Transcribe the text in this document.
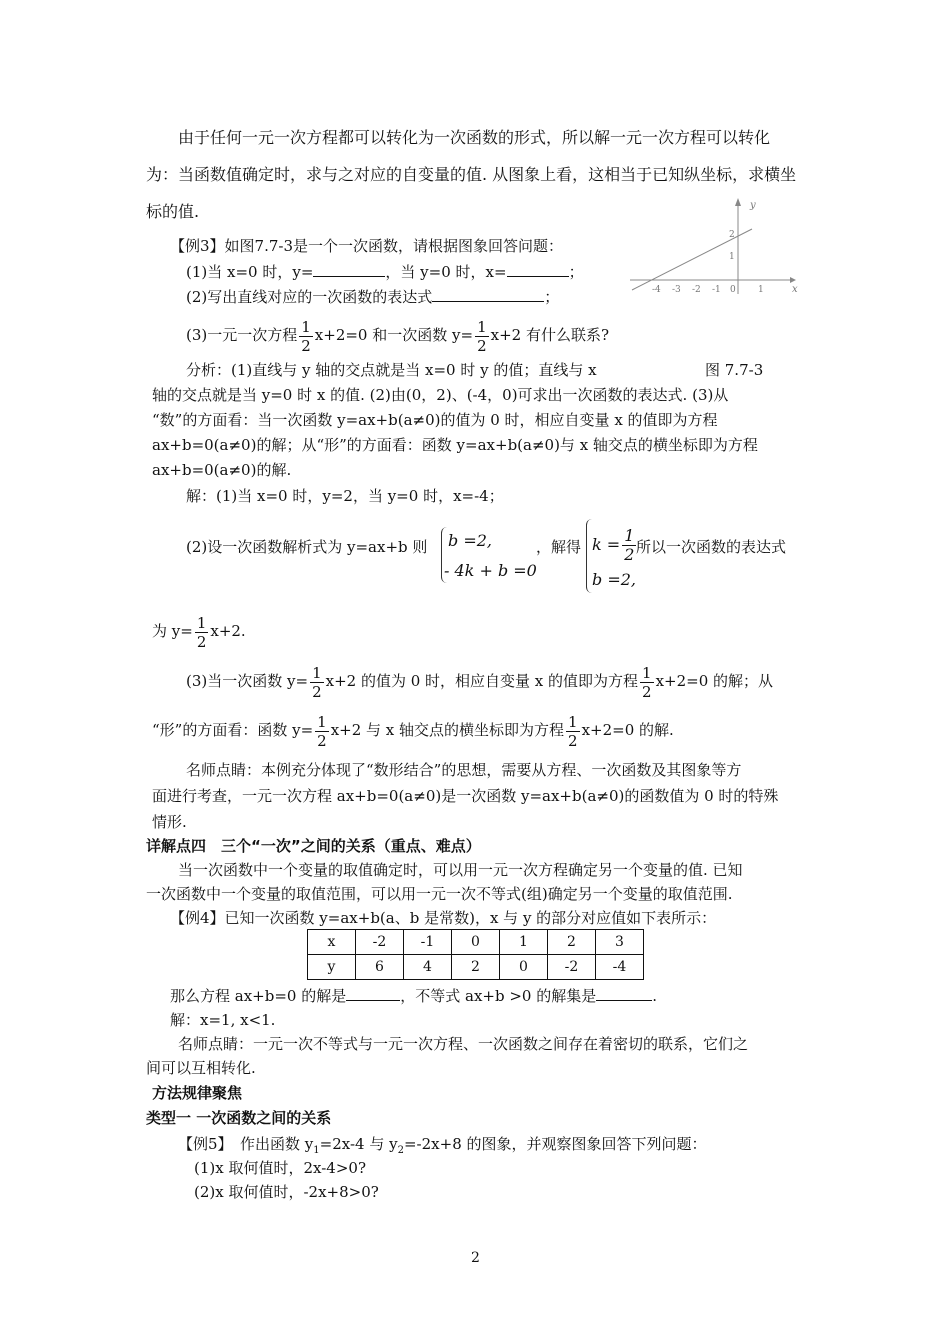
由于任何一元一次方程都可以转化为一次函数的形式，所以解一元一次方程可以转化
为：当函数值确定时，求与之对应的自变量的值. 从图象上看，这相当于已知纵坐标，求横坐
标的值.
【例3】如图7.7-3是一个一次函数，请根据图象回答问题：
(1)当 x=0 时，y=	，当 y=0 时，x=	；
(2)写出直线对应的一次函数的表达式	；
(3)一元一次方程 $\frac{1}{2} x+2=0$ 和一次函数 $y= \frac{1}{2} x+2$ 有什么联系?
x
y
-4 -3 -2 -1 0 1
2
1
分析：(1)直线与 y 轴的交点就是当 x=0 时 y 的值；直线与 x	图 7.7-3
轴的交点就是当 y=0 时 x 的值. (2)由(0，2)、(-4，0)可求出一次函数的表达式. (3)从
“数”的方面看：当一次函数 y=ax+b(a≠0)的值为 0 时，相应自变量 x 的值即为方程
ax+b=0(a≠0)的解；从“形”的方面看：函数 y=ax+b(a≠0)与 x 轴交点的横坐标即为方程
ax+b=0(a≠0)的解.
解：(1)当 x=0 时，y=2，当 y=0 时，x=-4；
(2)设一次函数解析式为 y=ax+b 则 b =2,
- 4k + b =0
，解得 $k = \frac{1}{2}$
b =2,
所以一次函数的表达式
为 $y= \frac{1}{2} x+2$.
(3)当一次函数 $y= \frac{1}{2} x+2$ 的值为 0 时，相应自变量 x 的值即为方程 $\frac{1}{2} x+2=0$ 的解；从
“形”的方面看：函数 $y= \frac{1}{2} x+2$ 与 x 轴交点的横坐标即为方程 $\frac{1}{2} x+2=0$ 的解.
名师点睛：本例充分体现了“数形结合”的思想，需要从方程、一次函数及其图象等方
面进行考查，一元一次方程 ax+b=0(a≠0)是一次函数 y=ax+b(a≠0)的函数值为 0 时的特殊
情形.
详解点四　三个“一次”之间的关系（重点、难点）
当一次函数中一个变量的取值确定时，可以用一元一次方程确定另一个变量的值. 已知
一次函数中一个变量的取值范围，可以用一元一次不等式(组)确定另一个变量的取值范围.
【例4】已知一次函数 y=ax+b(a、b 是常数)，x 与 y 的部分对应值如下表所示：
x	-2	-1	0	1	2	3
y	6	4	2	0	-2	-4
那么方程 ax+b=0 的解是	，不等式 ax+b >0 的解集是	.
解：x=1, x<1.
名师点睛：一元一次不等式与一元一次方程、一次函数之间存在着密切的联系，它们之
间可以互相转化.
方法规律聚焦
类型一 一次函数之间的关系
【例5】　作出函数 $y_1=2x-4$ 与 $y_2=-2x+8$ 的图象，并观察图象回答下列问题：
(1)x 取何值时，2x-4>0?
(2)x 取何值时，-2x+8>0?
2
